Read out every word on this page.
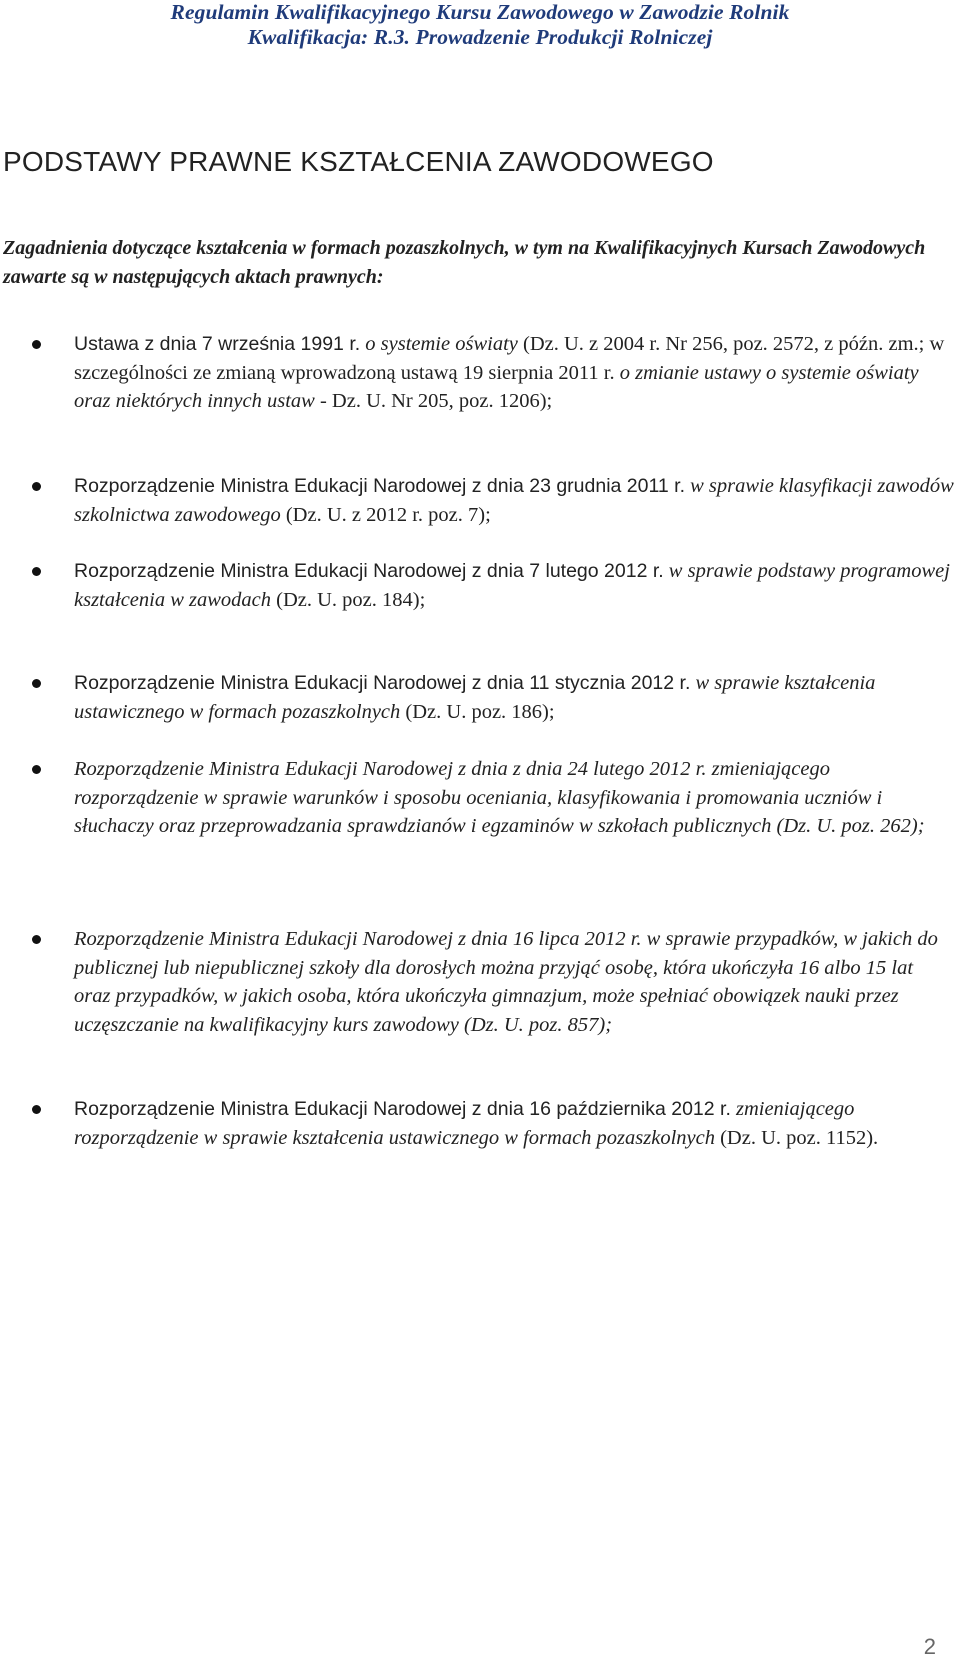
Regulamin Kwalifikacyjnego Kursu Zawodowego w Zawodzie Rolnik
Kwalifikacja: R.3. Prowadzenie Produkcji Rolniczej
PODSTAWY PRAWNE KSZTAŁCENIA ZAWODOWEGO
Zagadnienia dotyczące kształcenia w formach pozaszkolnych, w tym na Kwalifikacyjnych Kursach Zawodowych zawarte są w następujących aktach prawnych:
Ustawa z dnia 7 września 1991 r. o systemie oświaty (Dz. U. z 2004 r. Nr 256, poz. 2572, z późn. zm.; w szczególności ze zmianą wprowadzoną ustawą 19 sierpnia 2011 r. o zmianie ustawy o systemie oświaty oraz niektórych innych ustaw - Dz. U. Nr 205, poz. 1206);
Rozporządzenie Ministra Edukacji Narodowej z dnia 23 grudnia 2011 r. w sprawie klasyfikacji zawodów szkolnictwa zawodowego (Dz. U. z 2012 r. poz. 7);
Rozporządzenie Ministra Edukacji Narodowej z dnia 7 lutego 2012 r. w sprawie podstawy programowej kształcenia w zawodach (Dz. U. poz. 184);
Rozporządzenie Ministra Edukacji Narodowej z dnia 11 stycznia 2012 r. w sprawie kształcenia ustawicznego w formach pozaszkolnych (Dz. U. poz. 186);
Rozporządzenie Ministra Edukacji Narodowej z dnia z dnia 24 lutego 2012 r. zmieniającego rozporządzenie w sprawie warunków i sposobu oceniania, klasyfikowania i promowania uczniów i słuchaczy oraz przeprowadzania sprawdzianów i egzaminów w szkołach publicznych (Dz. U. poz. 262);
Rozporządzenie Ministra Edukacji Narodowej z dnia 16 lipca 2012 r. w sprawie przypadków, w jakich do publicznej lub niepublicznej szkoły dla dorosłych można przyjąć osobę, która ukończyła 16 albo 15 lat oraz przypadków, w jakich osoba, która ukończyła gimnazjum, może spełniać obowiązek nauki przez uczęszczanie na kwalifikacyjny kurs zawodowy (Dz. U. poz. 857);
Rozporządzenie Ministra Edukacji Narodowej z dnia 16 października 2012 r. zmieniającego rozporządzenie w sprawie kształcenia ustawicznego w formach pozaszkolnych (Dz. U. poz. 1152).
2
